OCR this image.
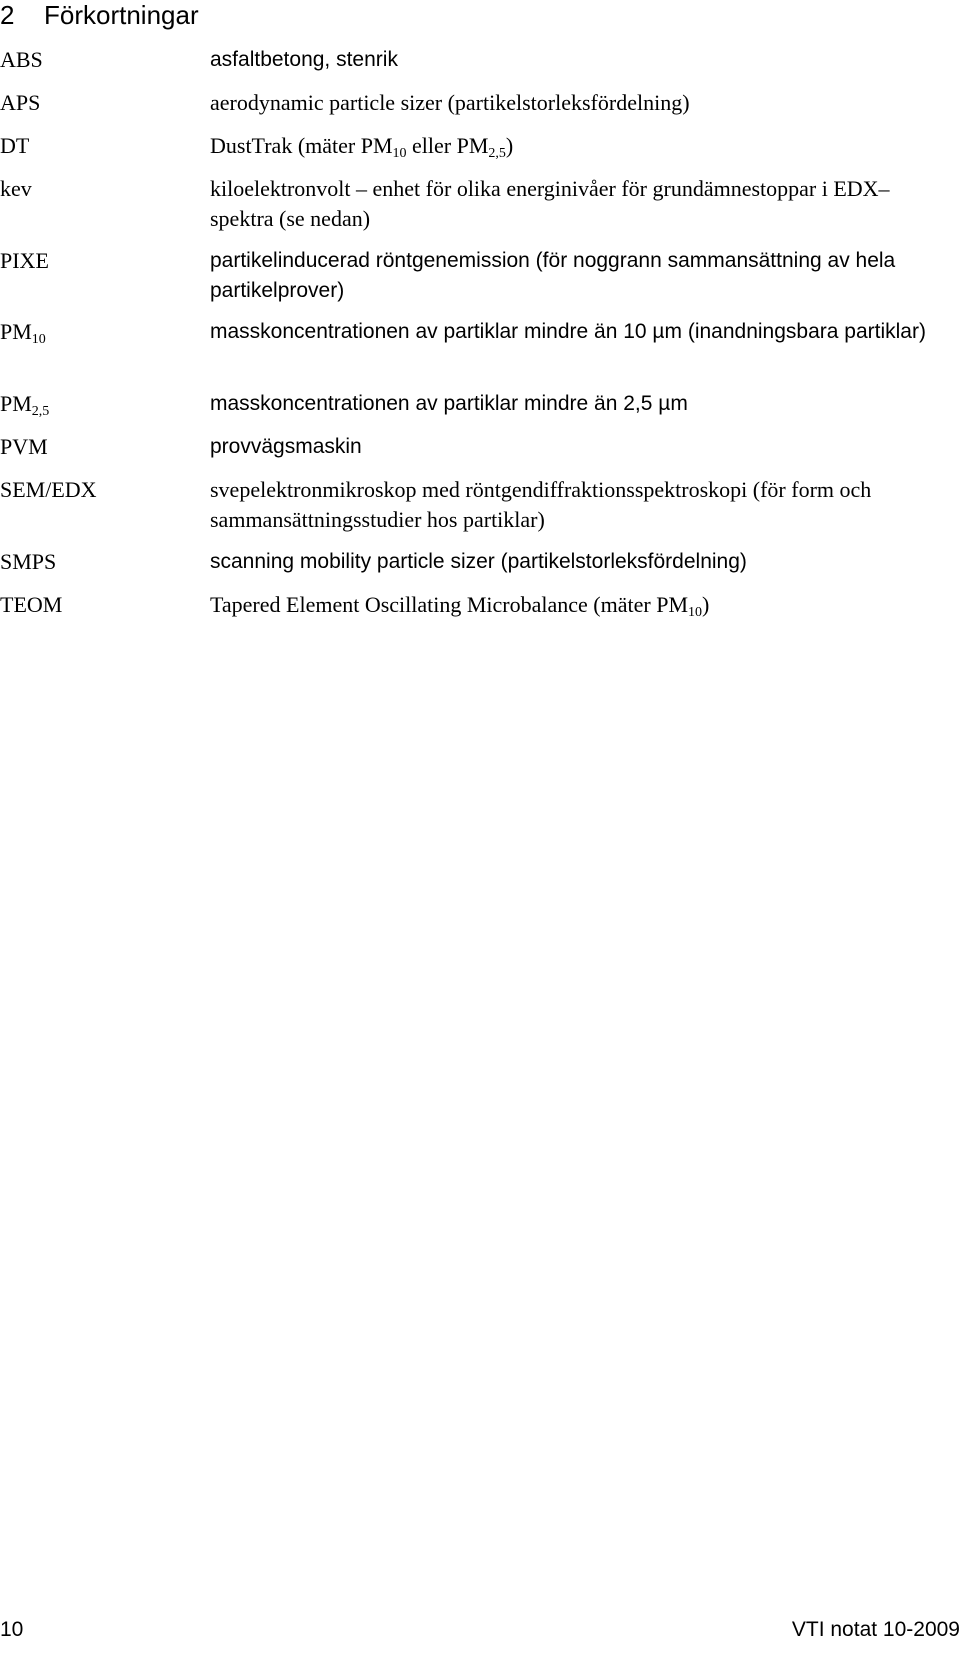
2 Förkortningar
ABS	asfaltbetong, stenrik
APS	aerodynamic particle sizer (partikelstorleksfördelning)
DT	DustTrak (mäter $PM_{10}$ eller $PM_{2,5}$)
kev	kiloelektronvolt – enhet för olika energinivåer för grundämnestoppar i EDX–spektra (se nedan)
PIXE	partikelinducerad röntgenemission (för noggrann sammansättning av hela partikelprover)
$PM_{10}$	masskoncentrationen av partiklar mindre än 10 µm (inandningsbara partiklar)
$PM_{2,5}$	masskoncentrationen av partiklar mindre än 2,5 µm
PVM	provvägsmaskin
SEM/EDX	svepelektronmikroskop med röntgendiffraktionsspektroskopi (för form och sammansättningsstudier hos partiklar)
SMPS	scanning mobility particle sizer (partikelstorleksfördelning)
TEOM	Tapered Element Oscillating Microbalance (mäter $PM_{10}$)
10	VTI notat 10-2009
